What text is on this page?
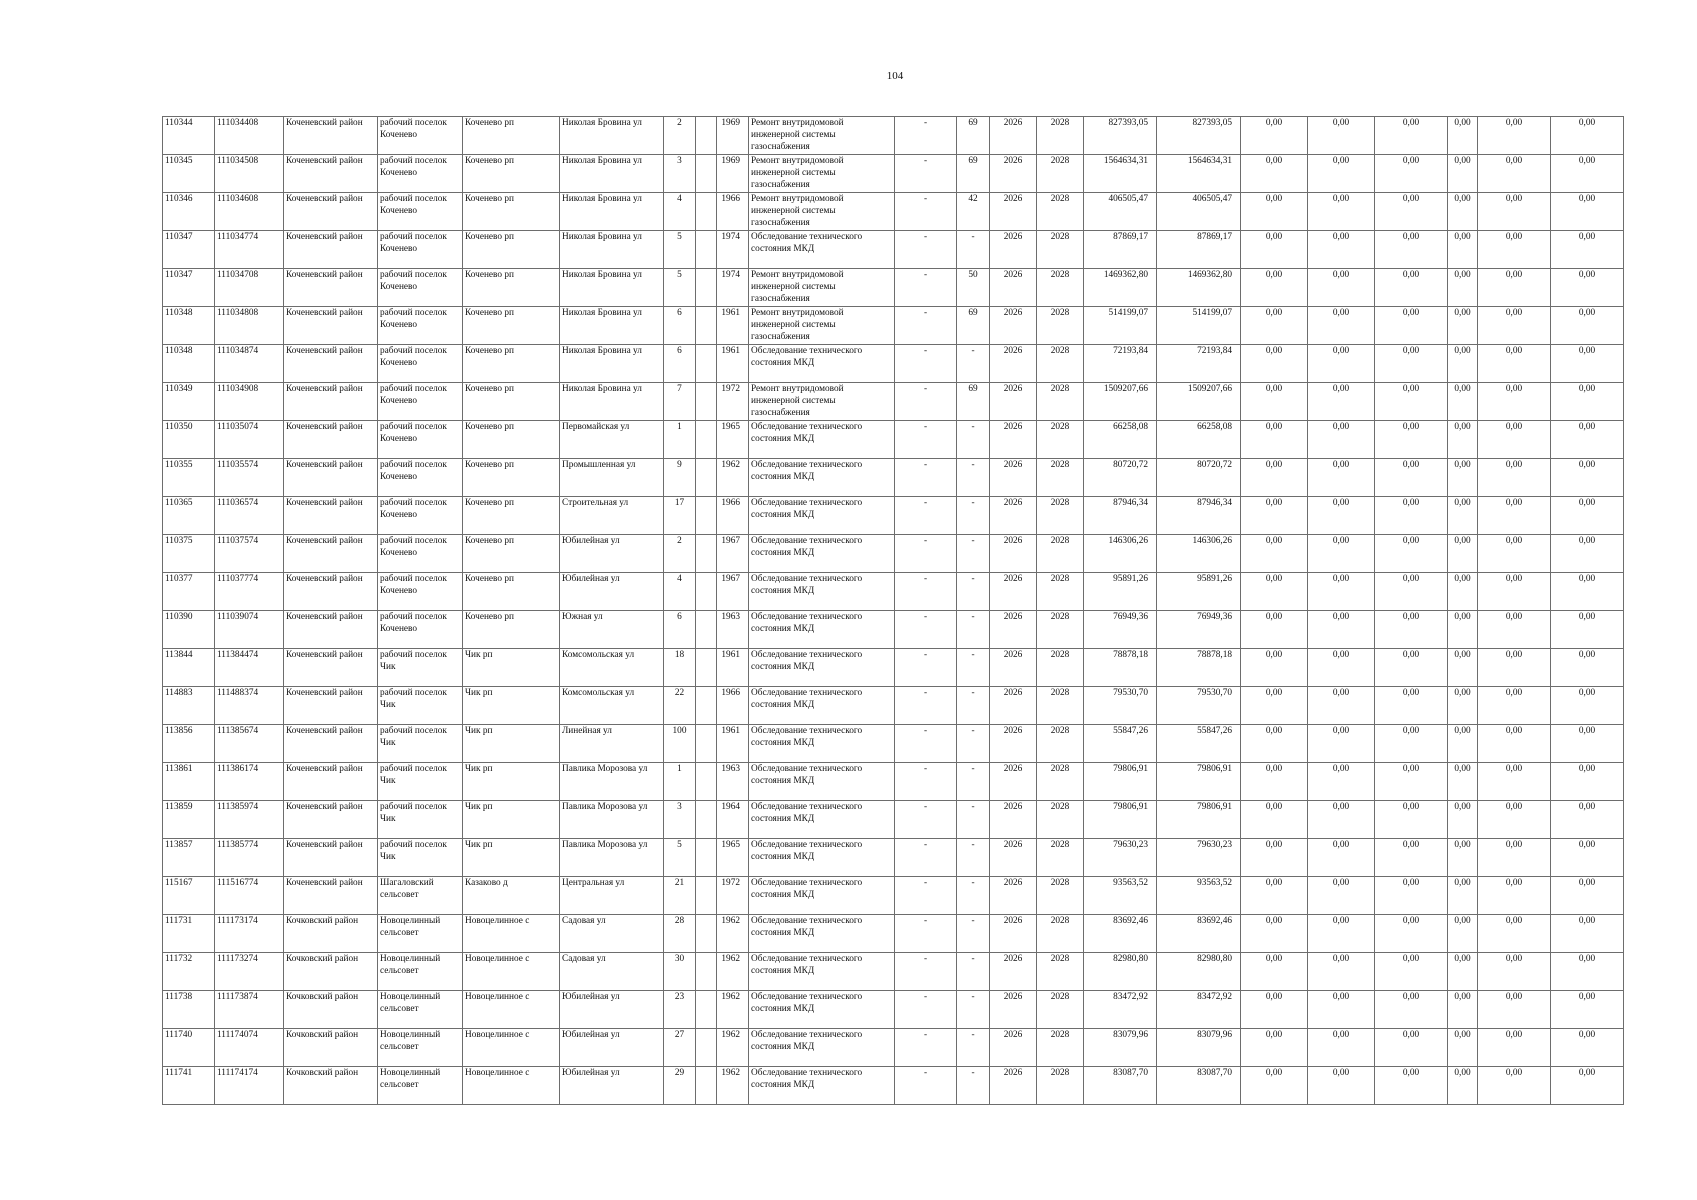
104
110344	111034408	Коченевский район	рабочий поселок Коченево	Коченево рп	Николая Бровина ул	2		1969	Ремонт внутридомовой инженерной системы газоснабжения	-	69	2026	2028	827393,05	827393,05	0,00	0,00	0,00	0,00	0,00	0,00
110345	111034508	Коченевский район	рабочий поселок Коченево	Коченево рп	Николая Бровина ул	3		1969	Ремонт внутридомовой инженерной системы газоснабжения	-	69	2026	2028	1564634,31	1564634,31	0,00	0,00	0,00	0,00	0,00	0,00
110346	111034608	Коченевский район	рабочий поселок Коченево	Коченево рп	Николая Бровина ул	4		1966	Ремонт внутридомовой инженерной системы газоснабжения	-	42	2026	2028	406505,47	406505,47	0,00	0,00	0,00	0,00	0,00	0,00
110347	111034774	Коченевский район	рабочий поселок Коченево	Коченево рп	Николая Бровина ул	5		1974	Обследование технического состояния МКД	-	-	2026	2028	87869,17	87869,17	0,00	0,00	0,00	0,00	0,00	0,00
110347	111034708	Коченевский район	рабочий поселок Коченево	Коченево рп	Николая Бровина ул	5		1974	Ремонт внутридомовой инженерной системы газоснабжения	-	50	2026	2028	1469362,80	1469362,80	0,00	0,00	0,00	0,00	0,00	0,00
110348	111034808	Коченевский район	рабочий поселок Коченево	Коченево рп	Николая Бровина ул	6		1961	Ремонт внутридомовой инженерной системы газоснабжения	-	69	2026	2028	514199,07	514199,07	0,00	0,00	0,00	0,00	0,00	0,00
110348	111034874	Коченевский район	рабочий поселок Коченево	Коченево рп	Николая Бровина ул	6		1961	Обследование технического состояния МКД	-	-	2026	2028	72193,84	72193,84	0,00	0,00	0,00	0,00	0,00	0,00
110349	111034908	Коченевский район	рабочий поселок Коченево	Коченево рп	Николая Бровина ул	7		1972	Ремонт внутридомовой инженерной системы газоснабжения	-	69	2026	2028	1509207,66	1509207,66	0,00	0,00	0,00	0,00	0,00	0,00
110350	111035074	Коченевский район	рабочий поселок Коченево	Коченево рп	Первомайская ул	1		1965	Обследование технического состояния МКД	-	-	2026	2028	66258,08	66258,08	0,00	0,00	0,00	0,00	0,00	0,00
110355	111035574	Коченевский район	рабочий поселок Коченево	Коченево рп	Промышленная ул	9		1962	Обследование технического состояния МКД	-	-	2026	2028	80720,72	80720,72	0,00	0,00	0,00	0,00	0,00	0,00
110365	111036574	Коченевский район	рабочий поселок Коченево	Коченево рп	Строительная ул	17		1966	Обследование технического состояния МКД	-	-	2026	2028	87946,34	87946,34	0,00	0,00	0,00	0,00	0,00	0,00
110375	111037574	Коченевский район	рабочий поселок Коченево	Коченево рп	Юбилейная ул	2		1967	Обследование технического состояния МКД	-	-	2026	2028	146306,26	146306,26	0,00	0,00	0,00	0,00	0,00	0,00
110377	111037774	Коченевский район	рабочий поселок Коченево	Коченево рп	Юбилейная ул	4		1967	Обследование технического состояния МКД	-	-	2026	2028	95891,26	95891,26	0,00	0,00	0,00	0,00	0,00	0,00
110390	111039074	Коченевский район	рабочий поселок Коченево	Коченево рп	Южная ул	6		1963	Обследование технического состояния МКД	-	-	2026	2028	76949,36	76949,36	0,00	0,00	0,00	0,00	0,00	0,00
113844	111384474	Коченевский район	рабочий поселок Чик	Чик рп	Комсомольская ул	18		1961	Обследование технического состояния МКД	-	-	2026	2028	78878,18	78878,18	0,00	0,00	0,00	0,00	0,00	0,00
114883	111488374	Коченевский район	рабочий поселок Чик	Чик рп	Комсомольская ул	22		1966	Обследование технического состояния МКД	-	-	2026	2028	79530,70	79530,70	0,00	0,00	0,00	0,00	0,00	0,00
113856	111385674	Коченевский район	рабочий поселок Чик	Чик рп	Линейная ул	100		1961	Обследование технического состояния МКД	-	-	2026	2028	55847,26	55847,26	0,00	0,00	0,00	0,00	0,00	0,00
113861	111386174	Коченевский район	рабочий поселок Чик	Чик рп	Павлика Морозова ул	1		1963	Обследование технического состояния МКД	-	-	2026	2028	79806,91	79806,91	0,00	0,00	0,00	0,00	0,00	0,00
113859	111385974	Коченевский район	рабочий поселок Чик	Чик рп	Павлика Морозова ул	3		1964	Обследование технического состояния МКД	-	-	2026	2028	79806,91	79806,91	0,00	0,00	0,00	0,00	0,00	0,00
113857	111385774	Коченевский район	рабочий поселок Чик	Чик рп	Павлика Морозова ул	5		1965	Обследование технического состояния МКД	-	-	2026	2028	79630,23	79630,23	0,00	0,00	0,00	0,00	0,00	0,00
115167	111516774	Коченевский район	Шагаловский сельсовет	Казаково д	Центральная ул	21		1972	Обследование технического состояния МКД	-	-	2026	2028	93563,52	93563,52	0,00	0,00	0,00	0,00	0,00	0,00
111731	111173174	Кочковский район	Новоцелинный сельсовет	Новоцелинное с	Садовая ул	28		1962	Обследование технического состояния МКД	-	-	2026	2028	83692,46	83692,46	0,00	0,00	0,00	0,00	0,00	0,00
111732	111173274	Кочковский район	Новоцелинный сельсовет	Новоцелинное с	Садовая ул	30		1962	Обследование технического состояния МКД	-	-	2026	2028	82980,80	82980,80	0,00	0,00	0,00	0,00	0,00	0,00
111738	111173874	Кочковский район	Новоцелинный сельсовет	Новоцелинное с	Юбилейная ул	23		1962	Обследование технического состояния МКД	-	-	2026	2028	83472,92	83472,92	0,00	0,00	0,00	0,00	0,00	0,00
111740	111174074	Кочковский район	Новоцелинный сельсовет	Новоцелинное с	Юбилейная ул	27		1962	Обследование технического состояния МКД	-	-	2026	2028	83079,96	83079,96	0,00	0,00	0,00	0,00	0,00	0,00
111741	111174174	Кочковский район	Новоцелинный сельсовет	Новоцелинное с	Юбилейная ул	29		1962	Обследование технического состояния МКД	-	-	2026	2028	83087,70	83087,70	0,00	0,00	0,00	0,00	0,00	0,00
